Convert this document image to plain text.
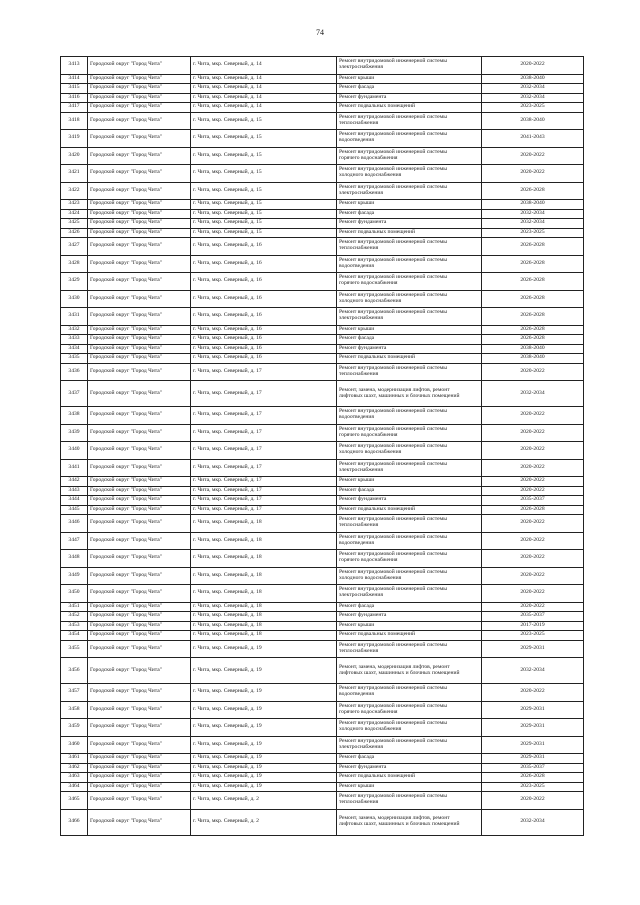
74
3413	Городской округ "Город Чита"	г. Чита, мкр. Северный, д. 14	Ремонт внутридомовой инженерной системы
электроснабжения	2020-2022
3414	Городской округ "Город Чита"	г. Чита, мкр. Северный, д. 14	Ремонт крыши	2038-2040
3415	Городской округ "Город Чита"	г. Чита, мкр. Северный, д. 14	Ремонт фасада	2032-2034
3416	Городской округ "Город Чита"	г. Чита, мкр. Северный, д. 14	Ремонт фундамента	2032-2034
3417	Городской округ "Город Чита"	г. Чита, мкр. Северный, д. 14	Ремонт подвальных помещений	2023-2025
3418	Городской округ "Город Чита"	г. Чита, мкр. Северный, д. 15	Ремонт внутридомовой инженерной системы
теплоснабжения	2038-2040
3419	Городской округ "Город Чита"	г. Чита, мкр. Северный, д. 15	Ремонт внутридомовой инженерной системы
водоотведения	2041-2043
3420	Городской округ "Город Чита"	г. Чита, мкр. Северный, д. 15	Ремонт внутридомовой инженерной системы
горячего водоснабжения	2020-2022
3421	Городской округ "Город Чита"	г. Чита, мкр. Северный, д. 15	Ремонт внутридомовой инженерной системы
холодного водоснабжения	2020-2022
3422	Городской округ "Город Чита"	г. Чита, мкр. Северный, д. 15	Ремонт внутридомовой инженерной системы
электроснабжения	2026-2028
3423	Городской округ "Город Чита"	г. Чита, мкр. Северный, д. 15	Ремонт крыши	2038-2040
3424	Городской округ "Город Чита"	г. Чита, мкр. Северный, д. 15	Ремонт фасада	2032-2034
3425	Городской округ "Город Чита"	г. Чита, мкр. Северный, д. 15	Ремонт фундамента	2032-2034
3426	Городской округ "Город Чита"	г. Чита, мкр. Северный, д. 15	Ремонт подвальных помещений	2023-2025
3427	Городской округ "Город Чита"	г. Чита, мкр. Северный, д. 16	Ремонт внутридомовой инженерной системы
теплоснабжения	2026-2028
3428	Городской округ "Город Чита"	г. Чита, мкр. Северный, д. 16	Ремонт внутридомовой инженерной системы
водоотведения	2026-2028
3429	Городской округ "Город Чита"	г. Чита, мкр. Северный, д. 16	Ремонт внутридомовой инженерной системы
горячего водоснабжения	2026-2028
3430	Городской округ "Город Чита"	г. Чита, мкр. Северный, д. 16	Ремонт внутридомовой инженерной системы
холодного водоснабжения	2026-2028
3431	Городской округ "Город Чита"	г. Чита, мкр. Северный, д. 16	Ремонт внутридомовой инженерной системы
электроснабжения	2026-2028
3432	Городской округ "Город Чита"	г. Чита, мкр. Северный, д. 16	Ремонт крыши	2026-2028
3433	Городской округ "Город Чита"	г. Чита, мкр. Северный, д. 16	Ремонт фасада	2026-2028
3434	Городской округ "Город Чита"	г. Чита, мкр. Северный, д. 16	Ремонт фундамента	2038-2040
3435	Городской округ "Город Чита"	г. Чита, мкр. Северный, д. 16	Ремонт подвальных помещений	2038-2040
3436	Городской округ "Город Чита"	г. Чита, мкр. Северный, д. 17	Ремонт внутридомовой инженерной системы
теплоснабжения	2020-2022
3437	Городской округ "Город Чита"	г. Чита, мкр. Северный, д. 17	Ремонт, замена, модернизация лифтов, ремонт
лифтовых шахт, машинных и блочных помещений	2032-2034
3438	Городской округ "Город Чита"	г. Чита, мкр. Северный, д. 17	Ремонт внутридомовой инженерной системы
водоотведения	2020-2022
3439	Городской округ "Город Чита"	г. Чита, мкр. Северный, д. 17	Ремонт внутридомовой инженерной системы
горячего водоснабжения	2020-2022
3440	Городской округ "Город Чита"	г. Чита, мкр. Северный, д. 17	Ремонт внутридомовой инженерной системы
холодного водоснабжения	2020-2022
3441	Городской округ "Город Чита"	г. Чита, мкр. Северный, д. 17	Ремонт внутридомовой инженерной системы
электроснабжения	2020-2022
3442	Городской округ "Город Чита"	г. Чита, мкр. Северный, д. 17	Ремонт крыши	2020-2022
3443	Городской округ "Город Чита"	г. Чита, мкр. Северный, д. 17	Ремонт фасада	2020-2022
3444	Городской округ "Город Чита"	г. Чита, мкр. Северный, д. 17	Ремонт фундамента	2035-2037
3445	Городской округ "Город Чита"	г. Чита, мкр. Северный, д. 17	Ремонт подвальных помещений	2026-2028
3446	Городской округ "Город Чита"	г. Чита, мкр. Северный, д. 18	Ремонт внутридомовой инженерной системы
теплоснабжения	2020-2022
3447	Городской округ "Город Чита"	г. Чита, мкр. Северный, д. 18	Ремонт внутридомовой инженерной системы
водоотведения	2020-2022
3448	Городской округ "Город Чита"	г. Чита, мкр. Северный, д. 18	Ремонт внутридомовой инженерной системы
горячего водоснабжения	2020-2022
3449	Городской округ "Город Чита"	г. Чита, мкр. Северный, д. 18	Ремонт внутридомовой инженерной системы
холодного водоснабжения	2020-2022
3450	Городской округ "Город Чита"	г. Чита, мкр. Северный, д. 18	Ремонт внутридомовой инженерной системы
электроснабжения	2020-2022
3451	Городской округ "Город Чита"	г. Чита, мкр. Северный, д. 18	Ремонт фасада	2020-2022
3452	Городской округ "Город Чита"	г. Чита, мкр. Северный, д. 18	Ремонт фундамента	2035-2037
3453	Городской округ "Город Чита"	г. Чита, мкр. Северный, д. 18	Ремонт крыши	2017-2019
3454	Городской округ "Город Чита"	г. Чита, мкр. Северный, д. 18	Ремонт подвальных помещений	2023-2025
3455	Городской округ "Город Чита"	г. Чита, мкр. Северный, д. 19	Ремонт внутридомовой инженерной системы
теплоснабжения	2029-2031
3456	Городской округ "Город Чита"	г. Чита, мкр. Северный, д. 19	Ремонт, замена, модернизация лифтов, ремонт
лифтовых шахт, машинных и блочных помещений	2032-2034
3457	Городской округ "Город Чита"	г. Чита, мкр. Северный, д. 19	Ремонт внутридомовой инженерной системы
водоотведения	2020-2022
3458	Городской округ "Город Чита"	г. Чита, мкр. Северный, д. 19	Ремонт внутридомовой инженерной системы
горячего водоснабжения	2029-2031
3459	Городской округ "Город Чита"	г. Чита, мкр. Северный, д. 19	Ремонт внутридомовой инженерной системы
холодного водоснабжения	2029-2031
3460	Городской округ "Город Чита"	г. Чита, мкр. Северный, д. 19	Ремонт внутридомовой инженерной системы
электроснабжения	2029-2031
3461	Городской округ "Город Чита"	г. Чита, мкр. Северный, д. 19	Ремонт фасада	2029-2031
3462	Городской округ "Город Чита"	г. Чита, мкр. Северный, д. 19	Ремонт фундамента	2035-2037
3463	Городской округ "Город Чита"	г. Чита, мкр. Северный, д. 19	Ремонт подвальных помещений	2026-2028
3464	Городской округ "Город Чита"	г. Чита, мкр. Северный, д. 19	Ремонт крыши	2023-2025
3465	Городской округ "Город Чита"	г. Чита, мкр. Северный, д. 2	Ремонт внутридомовой инженерной системы
теплоснабжения	2020-2022
3466	Городской округ "Город Чита"	г. Чита, мкр. Северный, д. 2	Ремонт, замена, модернизация лифтов, ремонт
лифтовых шахт, машинных и блочных помещений	2032-2034
